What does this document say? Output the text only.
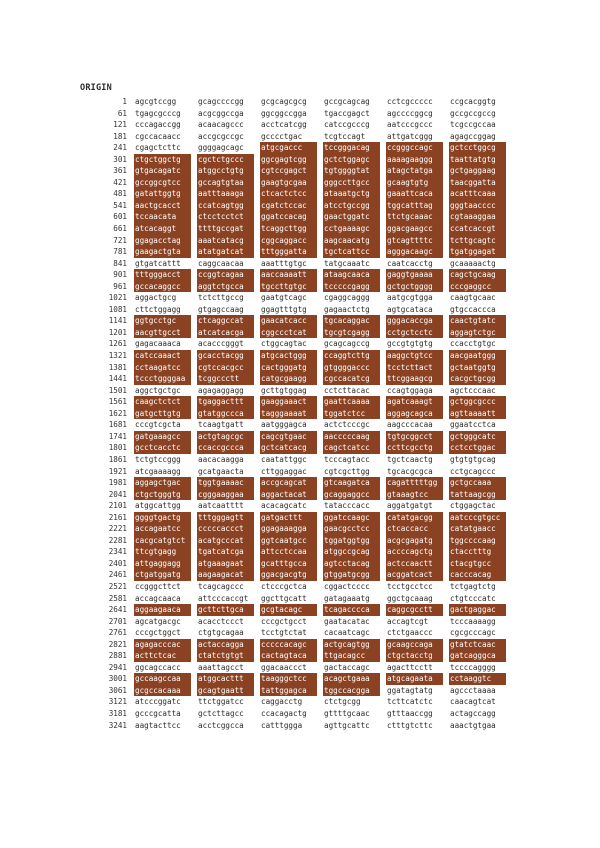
ORIGIN
1 agcgtccgg	gcagccccgg gcgcagcgcg gccgcagcag cctcgccccc ccgcacggtg
61 tgagcgcccg acgcggccga ggcggccgga tgaccgagct agccccggcg gccgccgccg
121 cccagaccgg acaacagccc acctcatcgg catccgcccg aatcccgccc tcgccgccaa
181 cgccacaacc accgcgccgc gcccctgac	tcgtccagt	attgatcggg agagccggag
241 cgagctcttc ggggagcagc atgcgaccc	tccgggacag ccgggccagc gctcctggcg
301 ctgctggctg cgctctgccc ggcgagtcgg gctctggagc aaaagaaggg taattatgtg
361 gtgacagatc atggcctgtg cgtccgagct tgtggggtat atagctatga gctgaggaag
421 gccggcgtcc gccagtgtaa gaagtgcgaa gggccttgcc gcaagtgtg	taacggatta
481 gatattggtg aatttaaaga ctcactctcc ataaatgctg gaaattcaca acatttcaaa
541 aactgcacct ccatcagtgg cgatctccac atcctgccgg tggcatttag gggtaacccc
601 tccaacata	ctcctcctct ggatccacag gaactggatc ttctgcaaac cgtaaaggaa
661 atcacaggt	ttttgccgat tcaggcttgg cctgaaaagc ggacgaagcc ccatcaccgt
721 ggagacctag aaatcatacg cggcaggacc aagcaacatg gtcagttttc tcttgcagtc
781 gaagactgta atatgatcat tttgggatta tgctcattcc agggacaagc tgatggagat
841 gtgatcattt caggcaacaa aaatttgtgc tatgcaaatc caatcacctg gcaaaaactg
901 tttgggacct ccggtcagaa aaccaaaatt ataagcaaca gaggtgaaaa cagctgcaag
961 gccacaggcc aggtctgcca tgccttgtgc tcccccgagg gctgctgggg cccgaggcc
1021 aggactgcg	tctcttgccg gaatgtcagc cgaggcaggg aatgcgtgga caagtgcaac
1081 cttctggagg gtgagccaag ggagtttgtg gagaactctg agtgcataca gtgccaccca
1141 ggtgcctgc	ctcaggccat gaacatcacc tgcacaggac gggacaccga caactgtatc
1201 aacgttgcct atcatcacga cggccctcat tgcgtcgagg cctgctcctc aggagtctgc
1261 gagacaaaca acacccgggt ctggcagtac gcagcagccg gccgtgtgtg ccacctgtgc
1321 catccaaact gcacctacgg atgcactggg ccaggtcttg aaggctgtcc aacgaatggg
1381 cctaagatcc cgtccacgcc cactgggatg gtggggaccc tcctcttact gctaatggtg
1441 tccctggggaa tcggccctt	catgcgaagg cgccacatcg ttcggaagcg cacgctgcgg
1501 aggctgctgc agagaggagg gcttgtggag cctcttacac ccagtggaga agctcccaac
1561 caagctctct tgaggacttt gaaggaaact gaattcaaaa agatcaaagt gctggcgccc
1621 gatgcttgtg gtatggccca tagggaaaat tggatctcc	aggagcagca agttaaaatt
1681 cccgtcgcta tcaagtgatt aatgggagca actctcccgc aagcccacaa ggaatcctca
1741 gatgaaagcc actgtagcgc cagcgtgaac aacccccaag tgtgcggcct gctgggcatc
1801 gcctcacctc ccaccgccca gctcatcacg cagctcatcc ccttcgcctg cctcctggac
1861 tctgtccggg aacacaagga caatattggc tcccagtacc tgctcaactg gtgtgtgcag
1921 atcgaaaagg gcatgaacta cttggaggac cgtcgcttgg tgcacgcgca cctgcagccc
1981 aggagctgac tggtgaaaac accgcagcat gtcaagatca cagatttttgg gctgccaaa
2041 ctgctgggtg cgggaaggaa aggactacat gcaggaggcc gtaaagtcc	tattaagcgg
2101 atggcattgg aatcaatttt acacagcatc tatacccacc aggatgatgt ctggagctac
2161 ggggtgactg tttgggagtt gatgacttt	ggatccaagc catatgacgg aatcccgtgcc
2221 accagaatcc cccccaccct ggagaaagga gaacgcctcc ctcaccacc	catatgaacc
2281 cacgcatgtct acatgcccat ggtcaatgcc tggatggtgg acgcgagatg tggccccaag
2341 ttcgtgagg	tgatcatcga attcctccaa atggccgcag accccagctg ctacctttg
2401 attgaggagg atgaaagaat gcatttgcca agtcctacag actccaactt ctacgtgcc
2461 ctgatggatg aagaagacat ggacgacgtg gtggatgcgg acggatcact cacccacag
2521 ccgggcttct tcagcagccc ctcccgctca cggactcccc tcctgcctcc tctgagtctg
2581 accagcaaca attcccaccgt ggcttgcatt gatagaaatg ggctgcaaag ctgtcccatc
2641 aggaagaaca gcttcttgca gcgtacagc	tcagacccca caggcgcctt gactgaggac
2701 agcatgacgc acacctccct cccgctgcct gaatacatac accagtcgt	tcccaaaagg
2761 cccgctggct ctgtgcagaa tcctgtctat cacaatcagc ctctgaaccc cgcgcccagc
2821 agagacccac actaccagga cccccacagc actgcagtgg gcaagccaga gtatctcaac
2881 acttctcac	ctatctgtgt cactagtaca ttgacagcc	ctgctacctg gatcagggca
2941 ggcagccacc aaattagcct ggacaaccct gactaccagc agacttcctt tccccagggg
3001 gccaagccaa atggcacttt taagggctcc acagctgaaa atgcagaata cctaaggtc
3061 gcgccacaaa gcagtgaatt tattggagca tggccacgga ggatagtatg agccctaaaa
3121 atcccggatc ttctggatcc caggacctg	ctctgcgg	tcttcatctc caacagtcat
3181 gcccgcatta gctcttagcc ccacagactg gttttgcaac gtttaaccgg actagccagg
3241 aagtacttcc acctcggcca catttggga	agttgcattc ctttgtcttc aaactgtgaa
